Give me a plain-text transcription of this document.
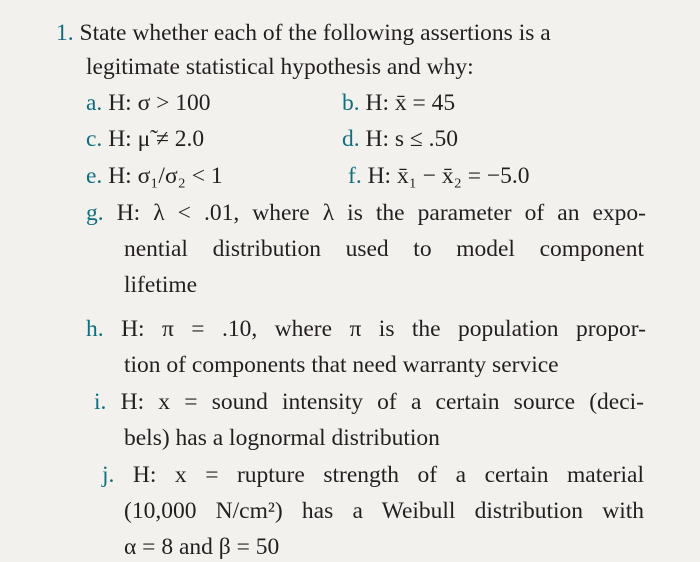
1. State whether each of the following assertions is a
legitimate statistical hypothesis and why:
a. H: σ > 100	b. H: x̄ = 45
c. H: μ̃ ≠ 2.0	d. H: s ≤ .50
e. H: σ₁/σ₂ < 1	f. H: x̄₁ − x̄₂ = −5.0
g. H: λ < .01, where λ is the parameter of an expo-
nential distribution used to model component
lifetime
h. H: π = .10, where π is the population propor-
tion of components that need warranty service
i. H: x = sound intensity of a certain source (deci-
bels) has a lognormal distribution
j. H: x = rupture strength of a certain material
(10,000 N/cm²) has a Weibull distribution with
α = 8 and β = 50
